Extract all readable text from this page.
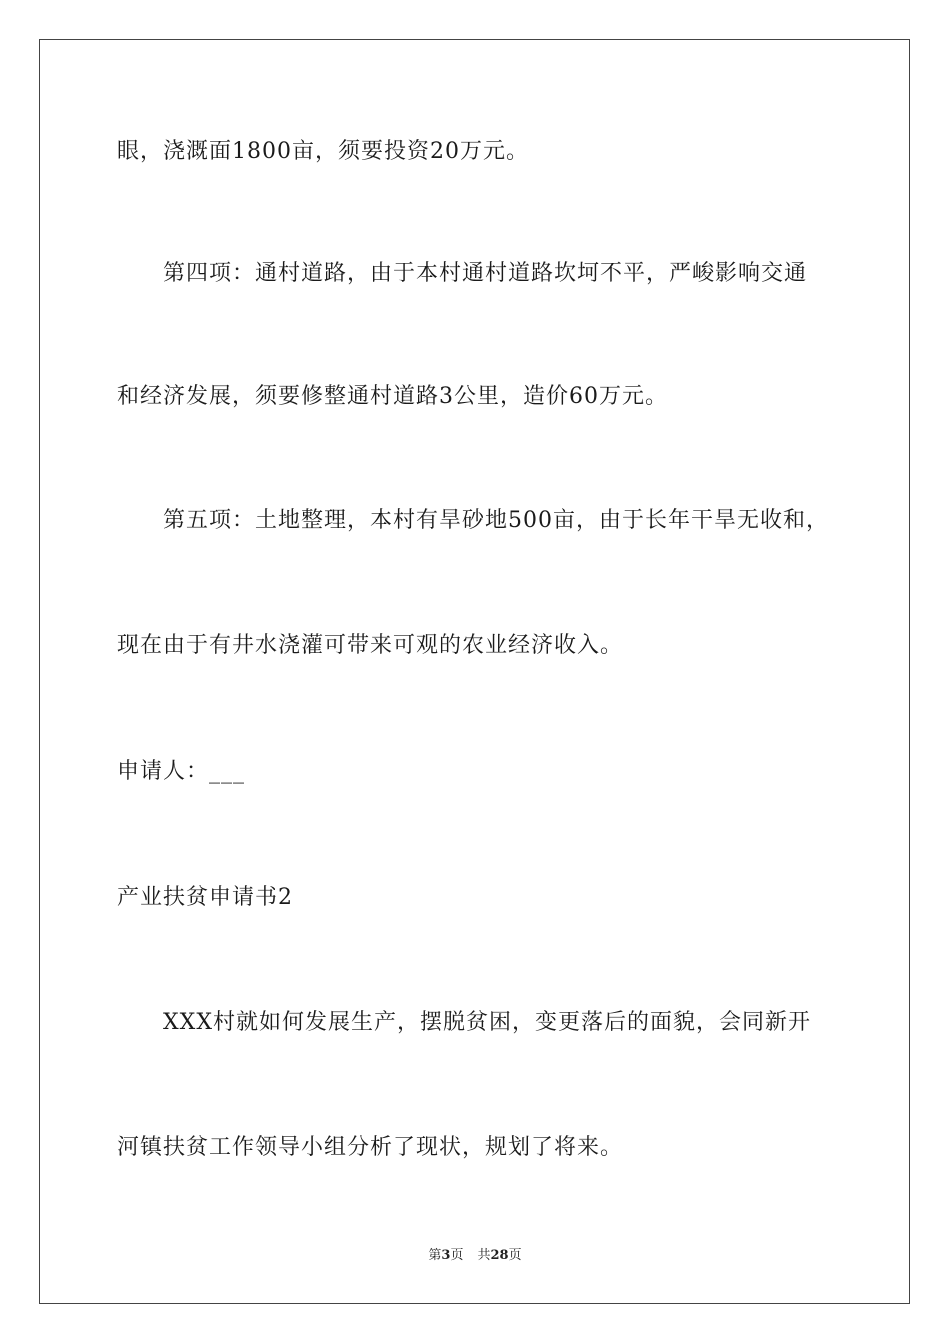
眼，浇溉面1800亩，须要投资20万元。
第四项：通村道路，由于本村通村道路坎坷不平，严峻影响交通
和经济发展，须要修整通村道路3公里，造价60万元。
第五项：土地整理，本村有旱砂地500亩，由于长年干旱无收和，
现在由于有井水浇灌可带来可观的农业经济收入。
申请人：___
产业扶贫申请书2
XXX村就如何发展生产，摆脱贫困，变更落后的面貌，会同新开
河镇扶贫工作领导小组分析了现状，规划了将来。
第3页 共28页
